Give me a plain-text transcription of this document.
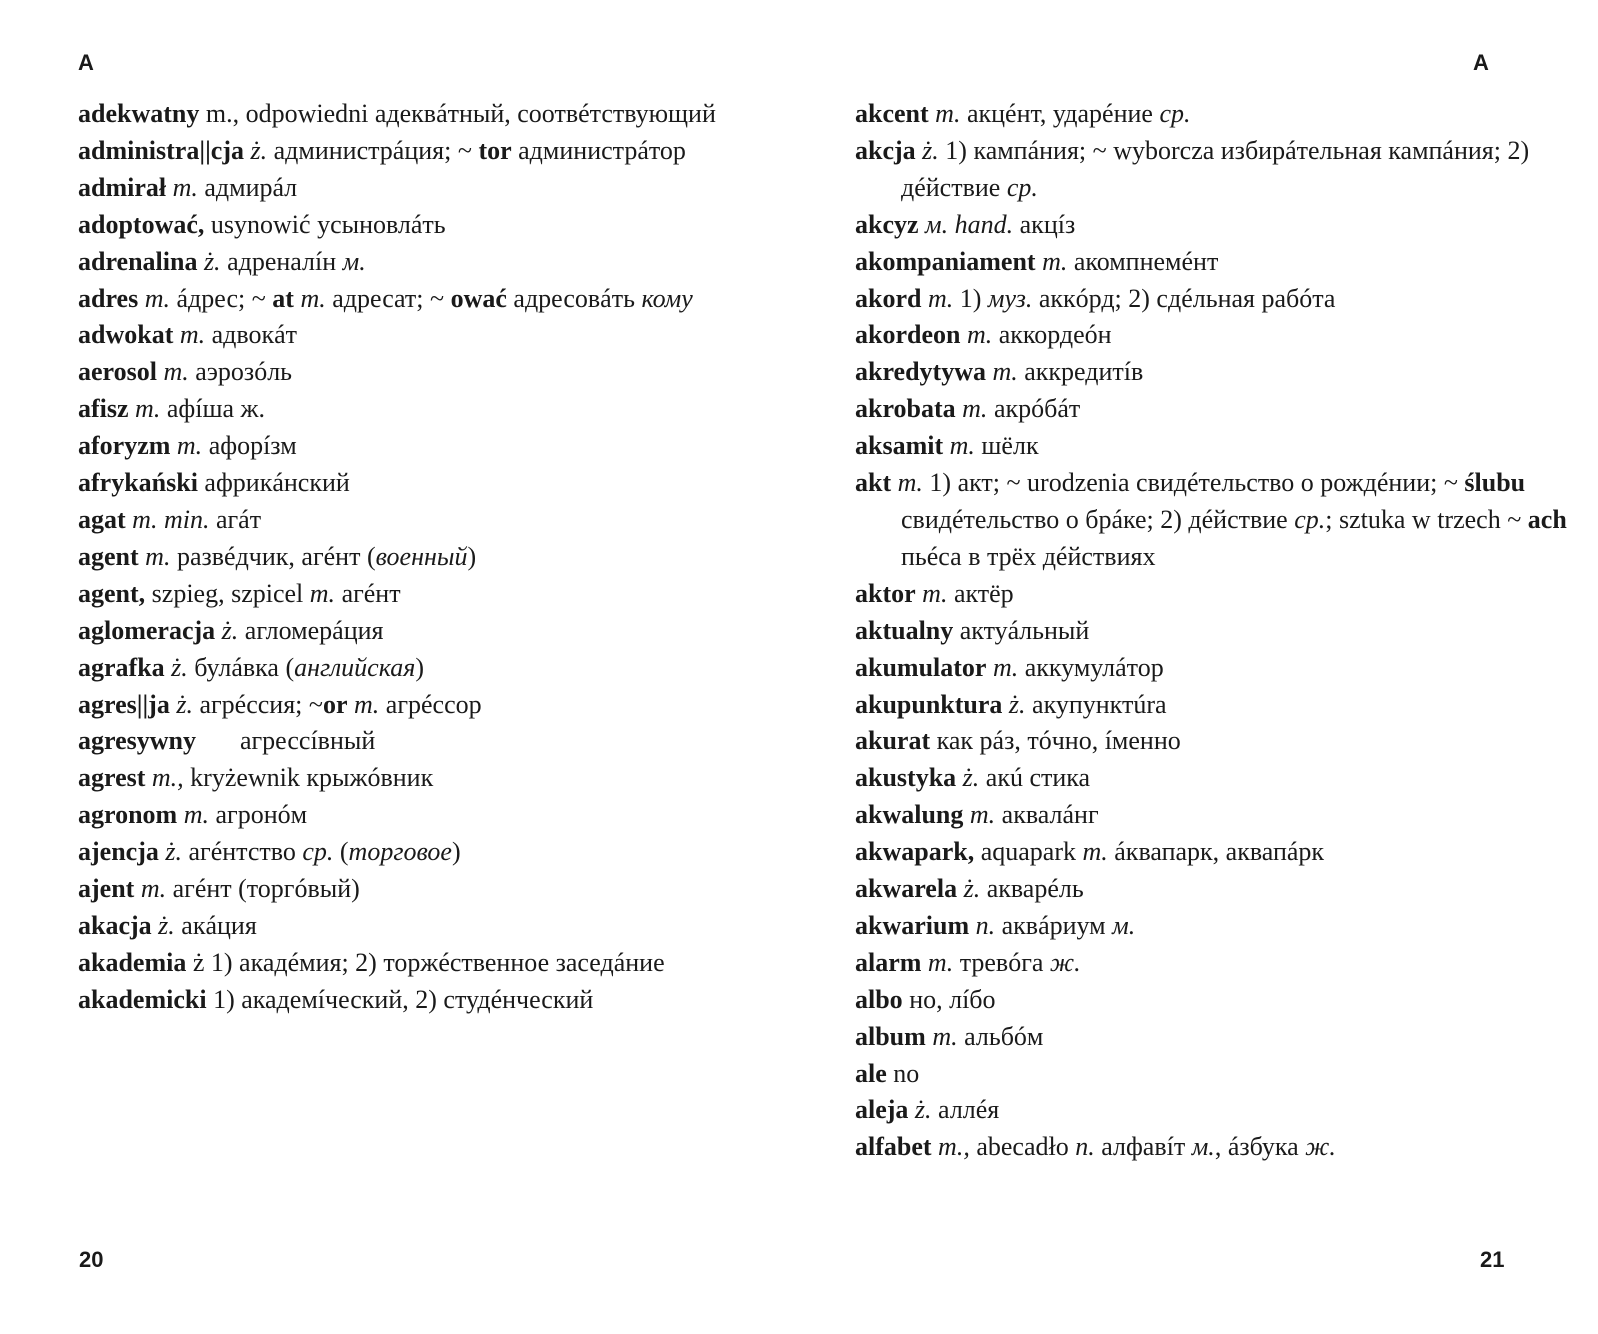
A

adekwatny m., odpowiedni адеквáтный, соотвéтствующий

administra||cja ż. администрáция; ~ tor администрáтор

admirał m. адмирáл

adoptować, usynowić усыновлáть

adrenalina ż. адреналíн м.

adres m. áдрес; ~ at m. адресат; ~ ować адресовáть кому

adwokat m. адвокáт

aerosol m. аэрозóль

afisz m. афíша ж.

aforyzm m. афорíзм

afrykański африкáнский

agat m. min. агáт

agent m. развéдчик, агéнт (военный)

agent, szpieg, szpicel m. агéнт

aglomeracja ż. агломерáция

agrafka ż. булáвка (английская)

agres||ja ż. агрéссия; ~or m. агрéссор

agresywny агрессíвный

agrest m., kryżewnik крыжóвник

agronom m. агронóм

ajencja ż. агéнтство ср. (торговое)

ajent m. агéнт (торгóвый)

akacja ż. акáция

akademia ż 1) акадéмия; 2) торжéственное заседáние

akademicki 1) академíческий, 2) студéнческий

20
A

akcent m. акцéнт, ударéние ср.

akcja ż. 1) кампáния; ~ wyborcza избирáтельная кампáния; 2) дéйствие ср.

akcyz м. hand. акцíз

akompaniament m. акомпнемéнт

akord m. 1) муз. аккóрд; 2) сдéльная рабóта

akordeon m. аккордеóн

akredytywa m. аккредитíв

akrobata m. акрóбáт

aksamit m. шёлк

akt m. 1) акт; ~ urodzenia свидéтельство о рождéнии; ~ ślubu свидéтельство о брáке; 2) дéйствие ср.; sztuka w trzech ~ ach пьéса в трёх дéйствиях

aktor m. актёр

aktualny актуáльный

akumulator m. аккумулáтор

akupunktura ż. акупунктúra

akurat как рáз, тóчно, íменно

akustyka ż. акú стика

akwalung m. аквалáнг

akwapark, aquapark m. áквапарк, аквапáрк

akwarela ż. акварéль

akwarium n. аквáриум м.

alarm m. тревóга ж.

albo но, лíбо

album m. альбóм

ale no

aleja ż. аллéя

alfabet m., abecadło n. алфавíт м., áзбука ж.

21
